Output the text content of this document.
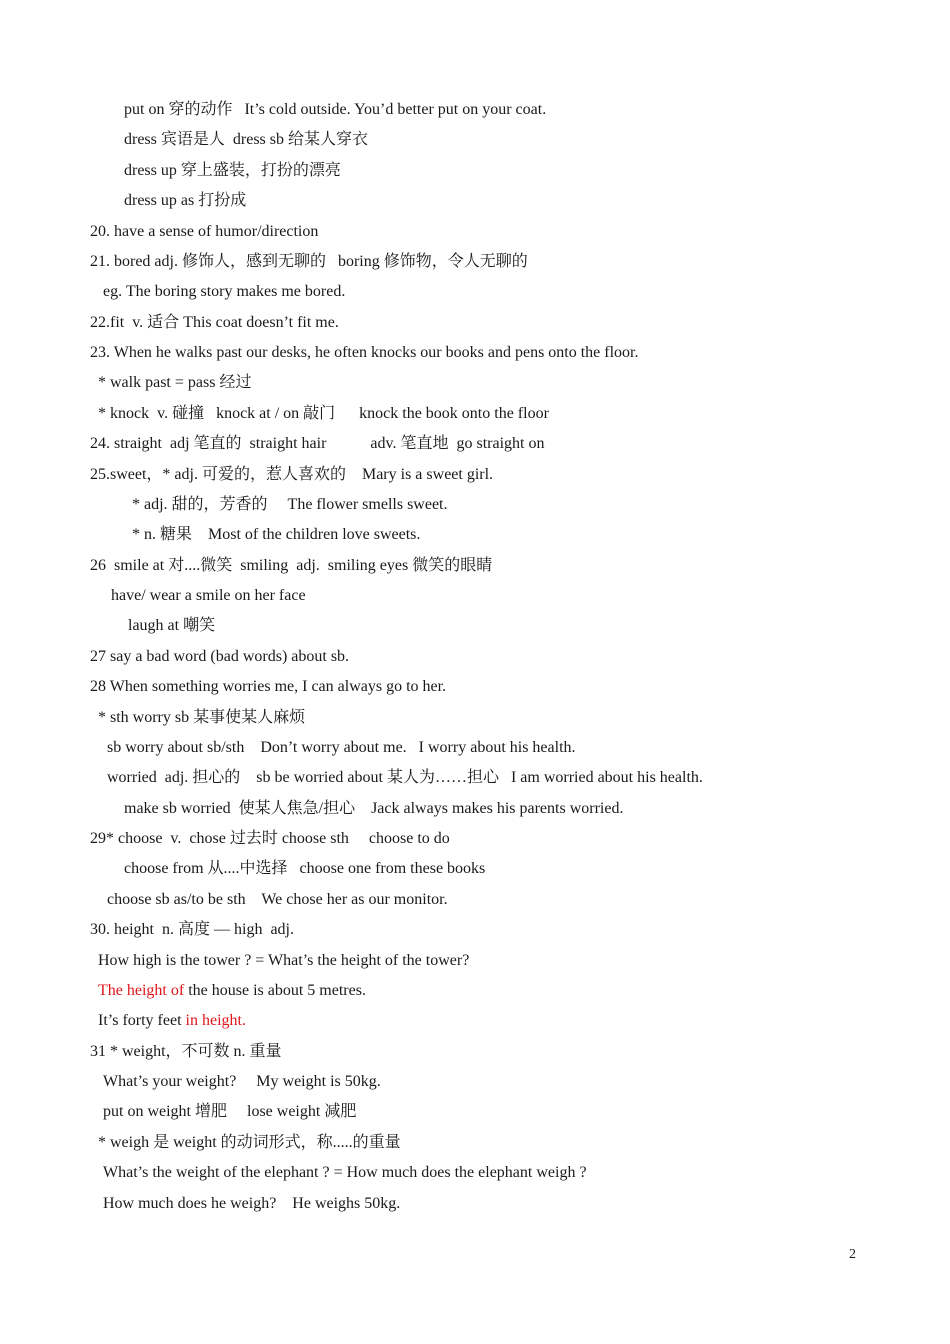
put on 穿的动作   It’s cold outside. You’d better put on your coat.
dress 宾语是人  dress sb 给某人穿衣
dress up 穿上盛装，打扮的漂亮
dress up as 打扮成
20. have a sense of humor/direction
21. bored adj. 修饰人，感到无聊的   boring 修饰物，令人无聊的
eg. The boring story makes me bored.
22.fit  v. 适合 This coat doesn’t fit me.
23. When he walks past our desks, he often knocks our books and pens onto the floor.
* walk past = pass 经过
* knock  v. 碰撞   knock at / on 敲门      knock the book onto the floor
24. straight  adj 笔直的  straight hair           adv. 笔直地  go straight on
25.sweet，* adj. 可爱的，惹人喜欢的    Mary is a sweet girl.
* adj. 甜的，芳香的     The flower smells sweet.
* n. 糖果    Most of the children love sweets.
26  smile at 对....微笑  smiling  adj.  smiling eyes 微笑的眼睛
have/ wear a smile on her face
laugh at 嘲笑
27 say a bad word (bad words) about sb.
28 When something worries me, I can always go to her.
* sth worry sb 某事使某人麻烦
sb worry about sb/sth    Don’t worry about me.   I worry about his health.
worried  adj. 担心的    sb be worried about 某人为……担心   I am worried about his health.
make sb worried  使某人焦急/担心    Jack always makes his parents worried.
29* choose  v.  chose 过去时 choose sth     choose to do
choose from 从....中选择   choose one from these books
choose sb as/to be sth    We chose her as our monitor.
30. height  n. 高度 — high  adj.
How high is the tower ? = What’s the height of the tower?
The height of the house is about 5 metres.
It’s forty feet in height.
31 * weight，不可数 n. 重量
What’s your weight?     My weight is 50kg.
put on weight 增肥     lose weight 减肥
* weigh 是 weight 的动词形式，称.....的重量
What’s the weight of the elephant ? = How much does the elephant weigh ?
How much does he weigh?    He weighs 50kg.
2
